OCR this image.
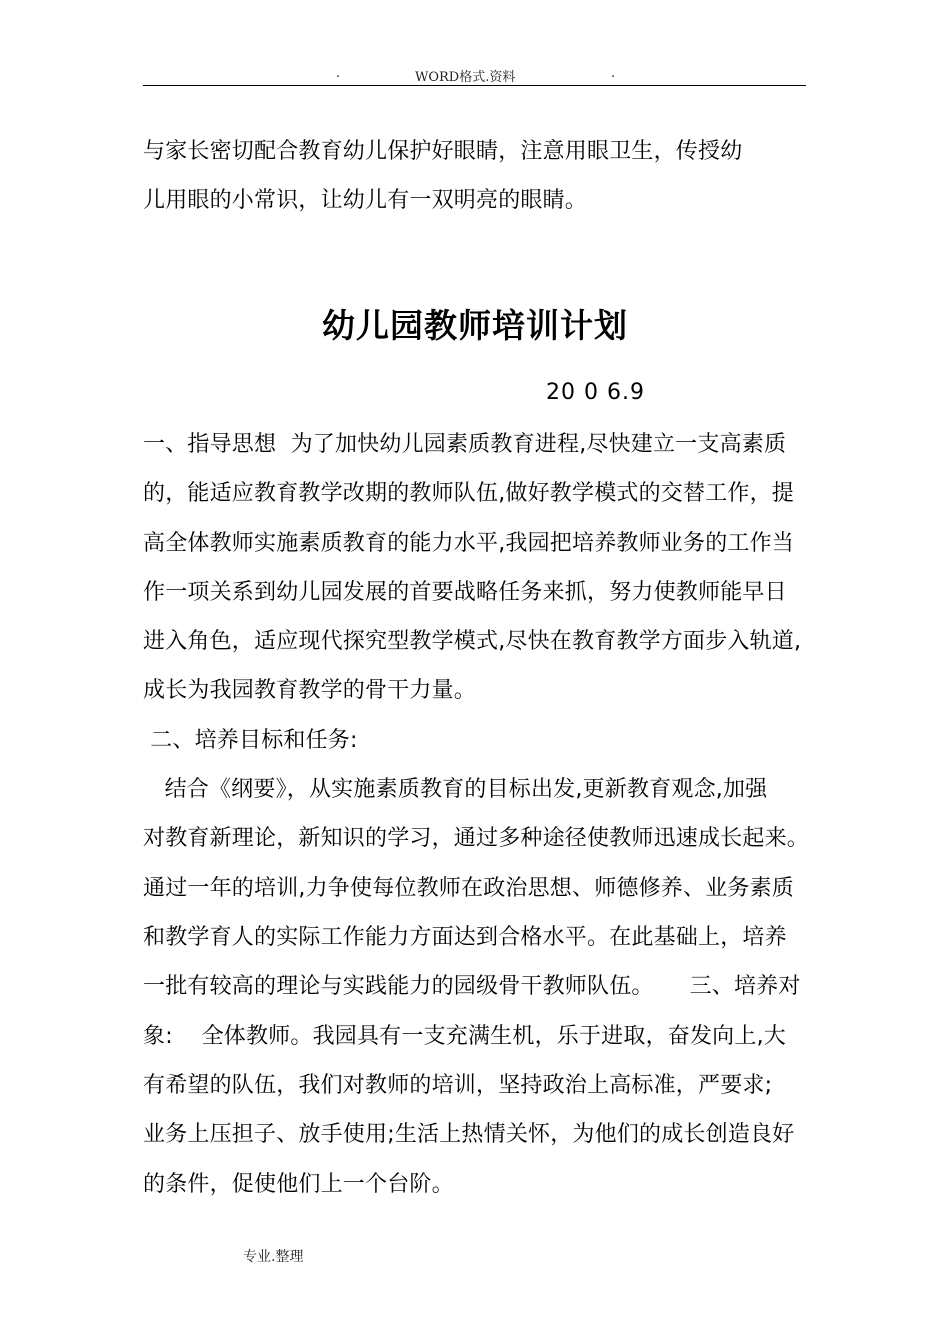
.	WORD格式.资料	.
与家长密切配合教育幼儿保护好眼睛，注意用眼卫生，传授幼
儿用眼的小常识，让幼儿有一双明亮的眼睛。
幼儿园教师培训计划
20 0 6.9
一、指导思想  为了加快幼儿园素质教育进程,尽快建立一支高素质
的，能适应教育教学改期的教师队伍,做好教学模式的交替工作，提
高全体教师实施素质教育的能力水平,我园把培养教师业务的工作当
作一项关系到幼儿园发展的首要战略任务来抓，努力使教师能早日
进入角色，适应现代探究型教学模式,尽快在教育教学方面步入轨道,
成长为我园教育教学的骨干力量。
二、培养目标和任务:
结合《纲要》，从实施素质教育的目标出发,更新教育观念,加强
对教育新理论，新知识的学习，通过多种途径使教师迅速成长起来。
通过一年的培训,力争使每位教师在政治思想、师德修养、业务素质
和教学育人的实际工作能力方面达到合格水平。在此基础上，培养
一批有较高的理论与实践能力的园级骨干教师队伍。     三、培养对
象:    全体教师。我园具有一支充满生机，乐于进取，奋发向上,大
有希望的队伍，我们对教师的培训，坚持政治上高标准，严要求;
业务上压担子、放手使用;生活上热情关怀，为他们的成长创造良好
的条件，促使他们上一个台阶。
专业.整理
